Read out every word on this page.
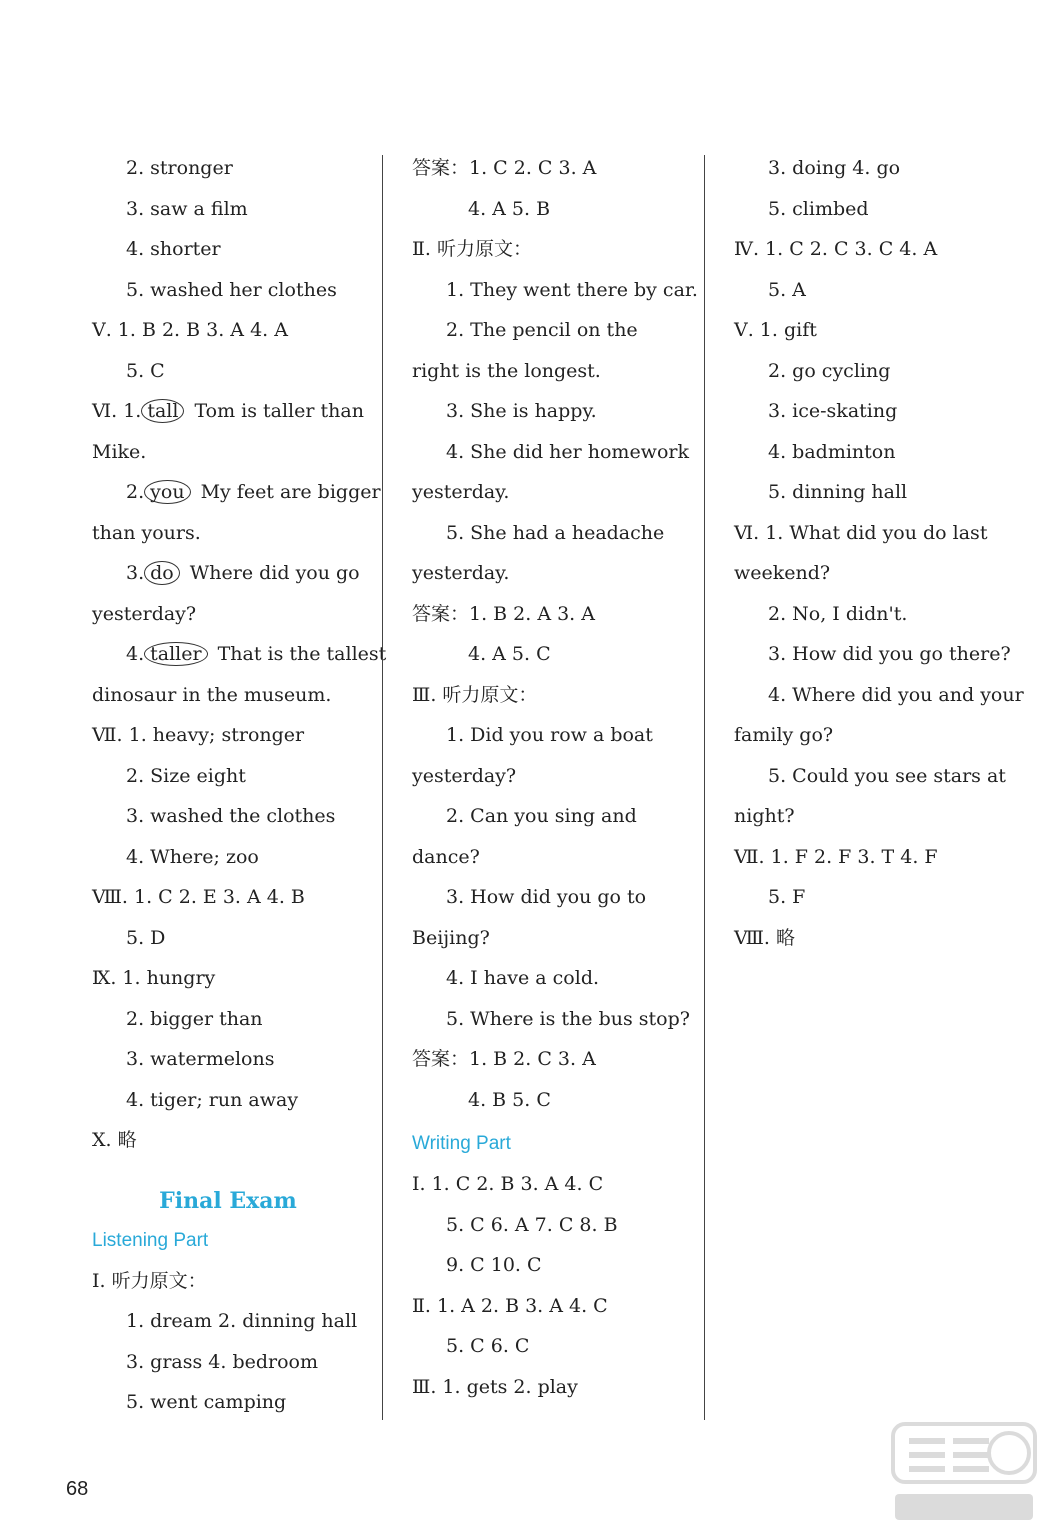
2. stronger
3. saw a film
4. shorter
5. washed her clothes
Ⅴ. 1. B 2. B 3. A 4. A
5. C
Ⅵ. 1. tall Tom is taller than
Mike.
2. you My feet are bigger
than yours.
3. do Where did you go
yesterday?
4. taller That is the tallest
dinosaur in the museum.
Ⅶ. 1. heavy; stronger
2. Size eight
3. washed the clothes
4. Where; zoo
Ⅷ. 1. C 2. E 3. A 4. B
5. D
Ⅸ. 1. hungry
2. bigger than
3. watermelons
4. tiger; run away
Ⅹ. 略
Final Exam
Listening Part
Ⅰ. 听力原文：
1. dream 2. dinning hall
3. grass 4. bedroom
5. went camping
答案：1. C 2. C 3. A
4. A 5. B
Ⅱ. 听力原文：
1. They went there by car.
2. The pencil on the
right is the longest.
3. She is happy.
4. She did her homework
yesterday.
5. She had a headache
yesterday.
答案：1. B 2. A 3. A
4. A 5. C
Ⅲ. 听力原文：
1. Did you row a boat
yesterday?
2. Can you sing and
dance?
3. How did you go to
Beijing?
4. I have a cold.
5. Where is the bus stop?
答案：1. B 2. C 3. A
4. B 5. C
Writing Part
Ⅰ. 1. C 2. B 3. A 4. C
5. C 6. A 7. C 8. B
9. C 10. C
Ⅱ. 1. A 2. B 3. A 4. C
5. C 6. C
Ⅲ. 1. gets 2. play
3. doing 4. go
5. climbed
Ⅳ. 1. C 2. C 3. C 4. A
5. A
Ⅴ. 1. gift
2. go cycling
3. ice-skating
4. badminton
5. dinning hall
Ⅵ. 1. What did you do last
weekend?
2. No, I didn't.
3. How did you go there?
4. Where did you and your
family go?
5. Could you see stars at
night?
Ⅶ. 1. F 2. F 3. T 4. F
5. F
Ⅷ. 略
68
